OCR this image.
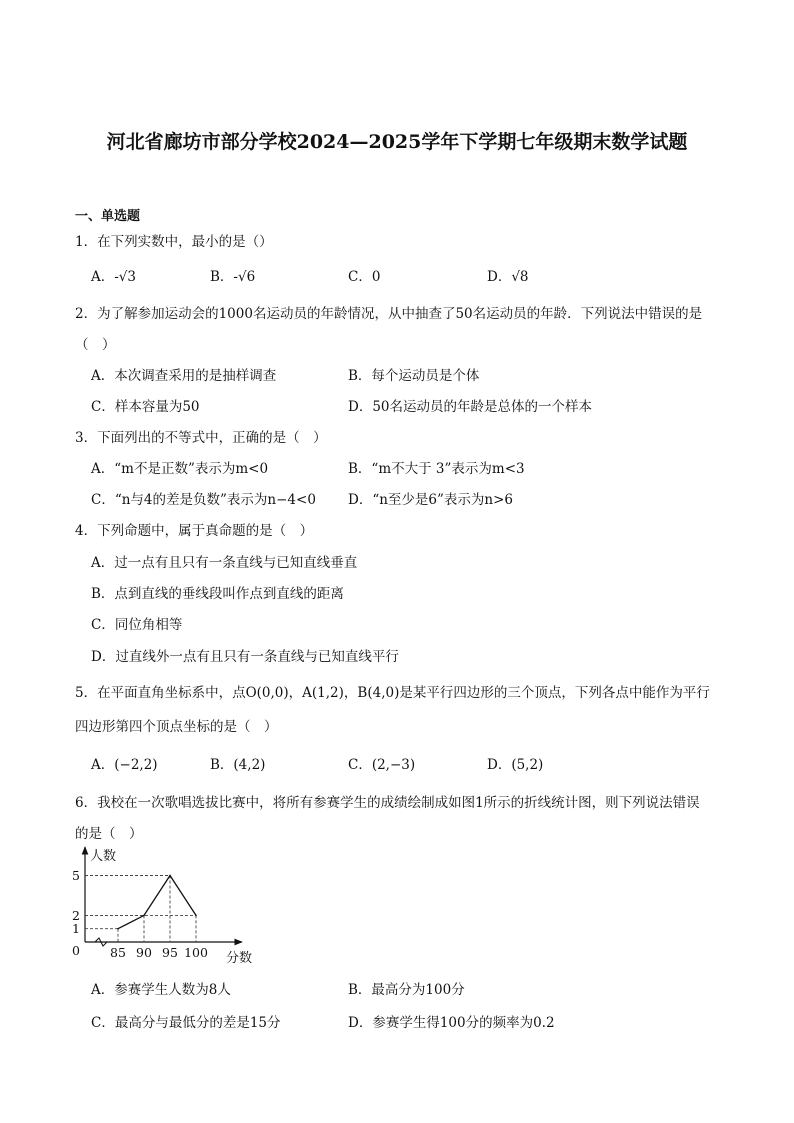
河北省廊坊市部分学校2024—2025学年下学期七年级期末数学试题
一、单选题
1．在下列实数中，最小的是（）
A．-√3	B．-√6	C．0	D．√8
2．为了解参加运动会的1000名运动员的年龄情况，从中抽查了50名运动员的年龄．下列说法中错误的是
（　）
A．本次调查采用的是抽样调查	B．每个运动员是个体
C．样本容量为50	D．50名运动员的年龄是总体的一个样本
3．下面列出的不等式中，正确的是（　）
A．“m不是正数”表示为m<0	B．“m不大于 3”表示为m<3
C．“n与4的差是负数”表示为n−4<0 D．“n至少是6”表示为n>6
4．下列命题中，属于真命题的是（　）
A．过一点有且只有一条直线与已知直线垂直
B．点到直线的垂线段叫作点到直线的距离
C．同位角相等
D．过直线外一点有且只有一条直线与已知直线平行
5．在平面直角坐标系中，点O(0,0)，A(1,2)，B(4,0)是某平行四边形的三个顶点，下列各点中能作为平行
四边形第四个顶点坐标的是（　）
A．(−2,2)	B．(4,2)	C．(2,−3)	D．(5,2)
6．我校在一次歌唱选拔比赛中，将所有参赛学生的成绩绘制成如图1所示的折线统计图，则下列说法错误
的是（　）
85 90 95 100
1
2
5
0
人数
分数
A．参赛学生人数为8人	B．最高分为100分
C．最高分与最低分的差是15分	D．参赛学生得100分的频率为0.2
